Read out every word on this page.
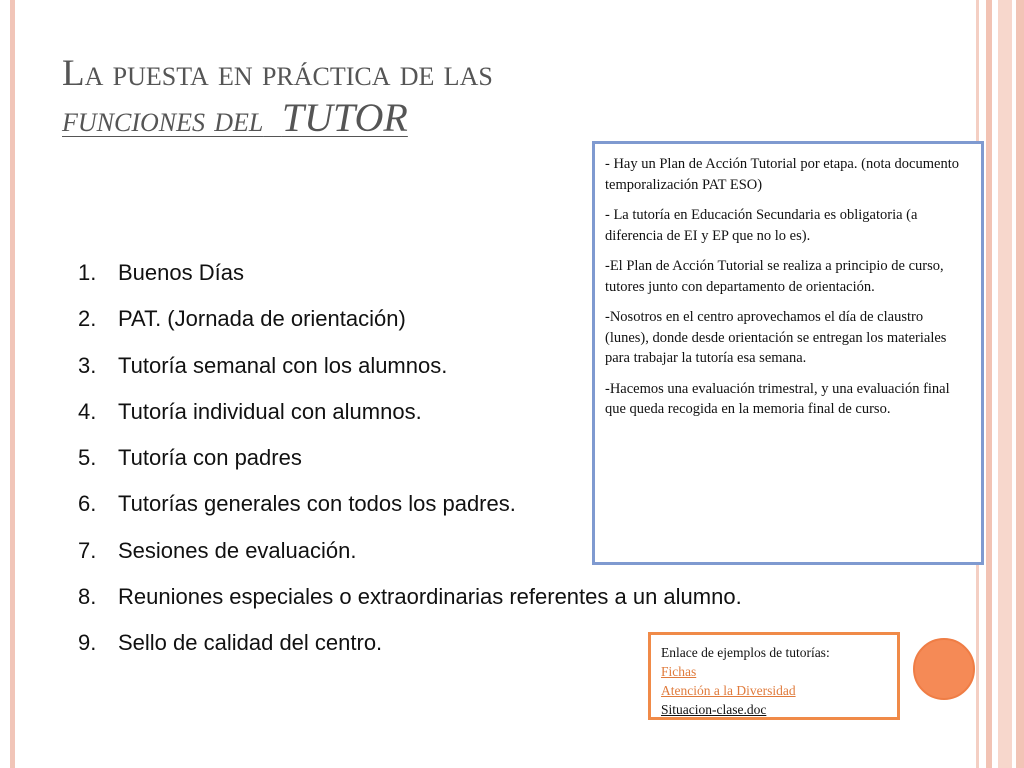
La puesta en práctica de las
funciones del TUTOR
1. Buenos Días
2. PAT. (Jornada de orientación)
3. Tutoría semanal con los alumnos.
4. Tutoría individual con alumnos.
5. Tutoría con padres
6. Tutorías generales con todos los padres.
7. Sesiones de evaluación.
8. Reuniones especiales o extraordinarias referentes a un alumno.
9. Sello de calidad del centro.

- Hay un Plan de Acción Tutorial por etapa. (nota documento temporalización PAT ESO)

- La tutoría en Educación Secundaria es obligatoria (a diferencia de EI y EP que no lo es).

-El Plan de Acción Tutorial se realiza a principio de curso, tutores junto con departamento de orientación.

-Nosotros en el centro aprovechamos el día de claustro (lunes), donde desde orientación se entregan los materiales para trabajar la tutoría esa semana.

-Hacemos una evaluación trimestral, y una evaluación final que queda recogida en la memoria final de curso.

Enlace de ejemplos de tutorías:
Fichas
Atención a la Diversidad
Situacion-clase.doc
